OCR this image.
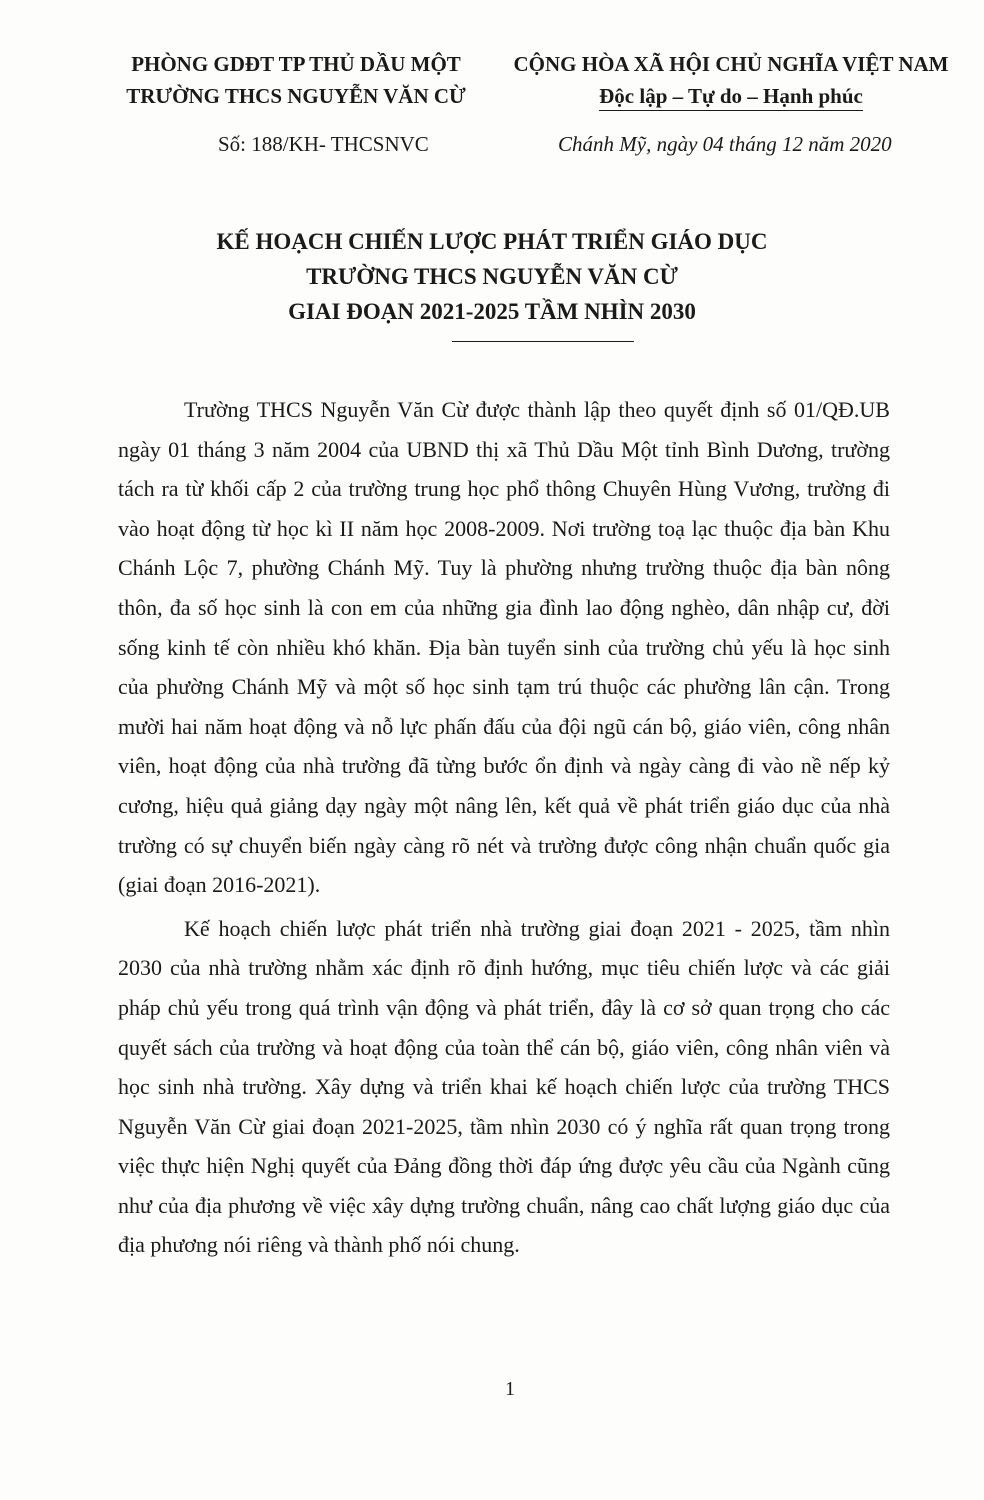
PHÒNG GDĐT TP THỦ DẦU MỘT
TRƯỜNG THCS NGUYỄN VĂN CỪ
CỘNG HÒA XÃ HỘI CHỦ NGHĨA VIỆT NAM
Độc lập – Tự do – Hạnh phúc
Số: 188/KH- THCSNVC	Chánh Mỹ, ngày 04 tháng 12 năm 2020
KẾ HOẠCH CHIẾN LƯỢC PHÁT TRIỂN GIÁO DỤC
TRƯỜNG THCS NGUYỄN VĂN CỪ
GIAI ĐOẠN 2021-2025 TẦM NHÌN 2030

Trường THCS Nguyễn Văn Cừ được thành lập theo quyết định số 01/QĐ.UB ngày 01 tháng 3 năm 2004 của UBND thị xã Thủ Dầu Một tỉnh Bình Dương, trường tách ra từ khối cấp 2 của trường trung học phổ thông Chuyên Hùng Vương, trường đi vào hoạt động từ học kì II năm học 2008-2009. Nơi trường toạ lạc thuộc địa bàn Khu Chánh Lộc 7, phường Chánh Mỹ. Tuy là phường nhưng trường thuộc địa bàn nông thôn, đa số học sinh là con em của những gia đình lao động nghèo, dân nhập cư, đời sống kinh tế còn nhiều khó khăn. Địa bàn tuyển sinh của trường chủ yếu là học sinh của phường Chánh Mỹ và một số học sinh tạm trú thuộc các phường lân cận. Trong mười hai năm hoạt động và nỗ lực phấn đấu của đội ngũ cán bộ, giáo viên, công nhân viên, hoạt động của nhà trường đã từng bước ổn định và ngày càng đi vào nề nếp kỷ cương, hiệu quả giảng dạy ngày một nâng lên, kết quả về phát triển giáo dục của nhà trường có sự chuyển biến ngày càng rõ nét và trường được công nhận chuẩn quốc gia (giai đoạn 2016-2021).

Kế hoạch chiến lược phát triển nhà trường giai đoạn 2021 - 2025, tầm nhìn 2030 của nhà trường nhằm xác định rõ định hướng, mục tiêu chiến lược và các giải pháp chủ yếu trong quá trình vận động và phát triển, đây là cơ sở quan trọng cho các quyết sách của trường và hoạt động của toàn thể cán bộ, giáo viên, công nhân viên và học sinh nhà trường. Xây dựng và triển khai kế hoạch chiến lược của trường THCS Nguyễn Văn Cừ giai đoạn 2021-2025, tầm nhìn 2030 có ý nghĩa rất quan trọng trong việc thực hiện Nghị quyết của Đảng đồng thời đáp ứng được yêu cầu của Ngành cũng như của địa phương về việc xây dựng trường chuẩn, nâng cao chất lượng giáo dục của địa phương nói riêng và thành phố nói chung.

1
